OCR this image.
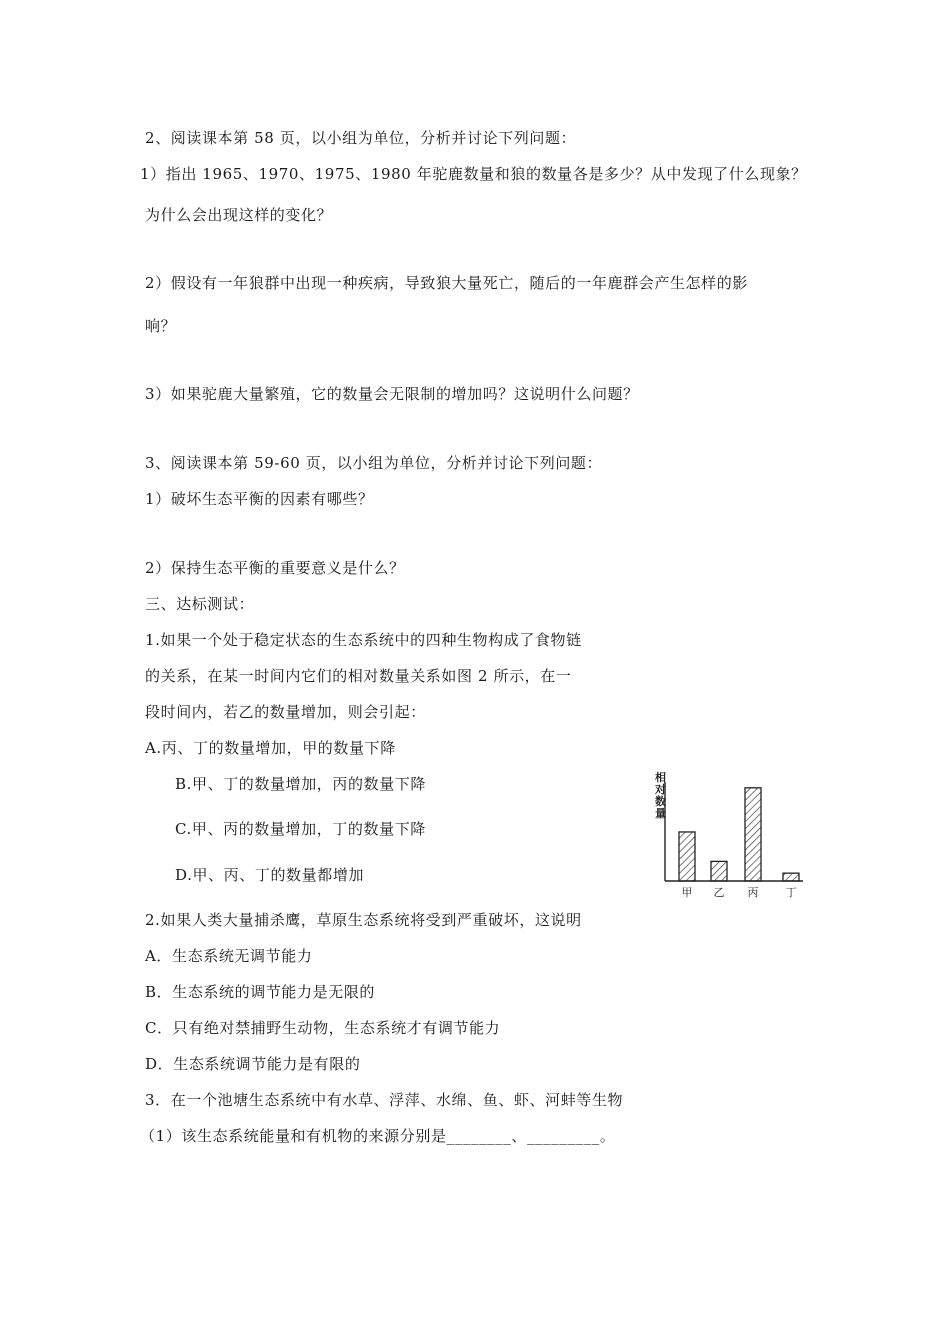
2、阅读课本第 58 页，以小组为单位，分析并讨论下列问题：
1）指出 1965、1970、1975、1980 年驼鹿数量和狼的数量各是多少？从中发现了什么现象？
为什么会出现这样的变化？
2）假设有一年狼群中出现一种疾病，导致狼大量死亡，随后的一年鹿群会产生怎样的影
响？
3）如果驼鹿大量繁殖，它的数量会无限制的增加吗？这说明什么问题？
3、阅读课本第 59-60 页，以小组为单位，分析并讨论下列问题：
1）破坏生态平衡的因素有哪些？
2）保持生态平衡的重要意义是什么？
三、达标测试：
1.如果一个处于稳定状态的生态系统中的四种生物构成了食物链
的关系，在某一时间内它们的相对数量关系如图 2 所示，在一
段时间内，若乙的数量增加，则会引起：
A.丙、丁的数量增加，甲的数量下降
B.甲、丁的数量增加，丙的数量下降
C.甲、丙的数量增加，丁的数量下降
D.甲、丙、丁的数量都增加
2.如果人类大量捕杀鹰，草原生态系统将受到严重破坏，这说明
A．生态系统无调节能力
B．生态系统的调节能力是无限的
C．只有绝对禁捕野生动物，生态系统才有调节能力
D．生态系统调节能力是有限的
3．在一个池塘生态系统中有水草、浮萍、水绵、鱼、虾、河蚌等生物
（1）该生态系统能量和有机物的来源分别是________、_________。
相
对
数
量
甲 乙 丙 丁
